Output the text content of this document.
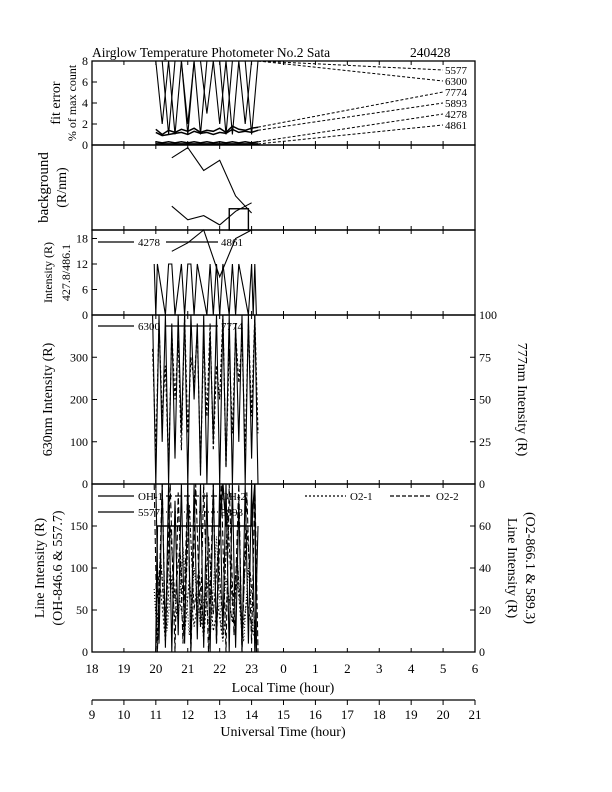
Airglow Temperature Photometer No.2 Sata	240428
0
2
4
6
8
0
6
12
18
0
100
200
300
0
50
100
150
0
25
50
75
100
0
20
40
60
18 19 20 21 22 23 0 1 2 3 4 5 6
9 10 11 12 13 14 15 16 17 18 19 20 21
5577
6300
7774
5893
4278
4861
fit error % of max count
background (R/nm)
4278	4861
Intensity (R) 427.8/486.1
6300	7774
630nm Intensity (R)	777nm Intensity (R)
OH-1	OH-2	O2-1	O2-2
5577	5893
Line Intensity (R) (OH-846.6 & 557.7)	Line Intensity (R) (O2-866.1 & 589.3)
Local Time (hour)
Universal Time (hour)
